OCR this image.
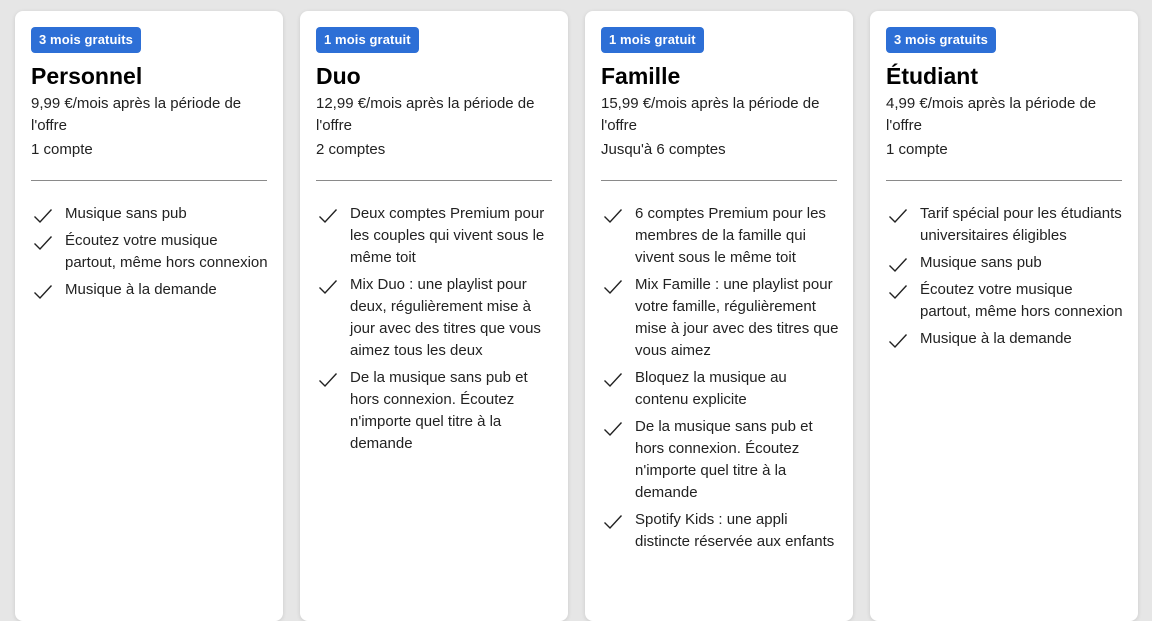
3 mois gratuits
Personnel
9,99 €/mois après la période de l'offre
1 compte
Musique sans pub
Écoutez votre musique partout, même hors connexion
Musique à la demande
1 mois gratuit
Duo
12,99 €/mois après la période de l'offre
2 comptes
Deux comptes Premium pour les couples qui vivent sous le même toit
Mix Duo : une playlist pour deux, régulièrement mise à jour avec des titres que vous aimez tous les deux
De la musique sans pub et hors connexion. Écoutez n'importe quel titre à la demande
1 mois gratuit
Famille
15,99 €/mois après la période de l'offre
Jusqu'à 6 comptes
6 comptes Premium pour les membres de la famille qui vivent sous le même toit
Mix Famille : une playlist pour votre famille, régulièrement mise à jour avec des titres que vous aimez
Bloquez la musique au contenu explicite
De la musique sans pub et hors connexion. Écoutez n'importe quel titre à la demande
Spotify Kids : une appli distincte réservée aux enfants
3 mois gratuits
Étudiant
4,99 €/mois après la période de l'offre
1 compte
Tarif spécial pour les étudiants universitaires éligibles
Musique sans pub
Écoutez votre musique partout, même hors connexion
Musique à la demande
